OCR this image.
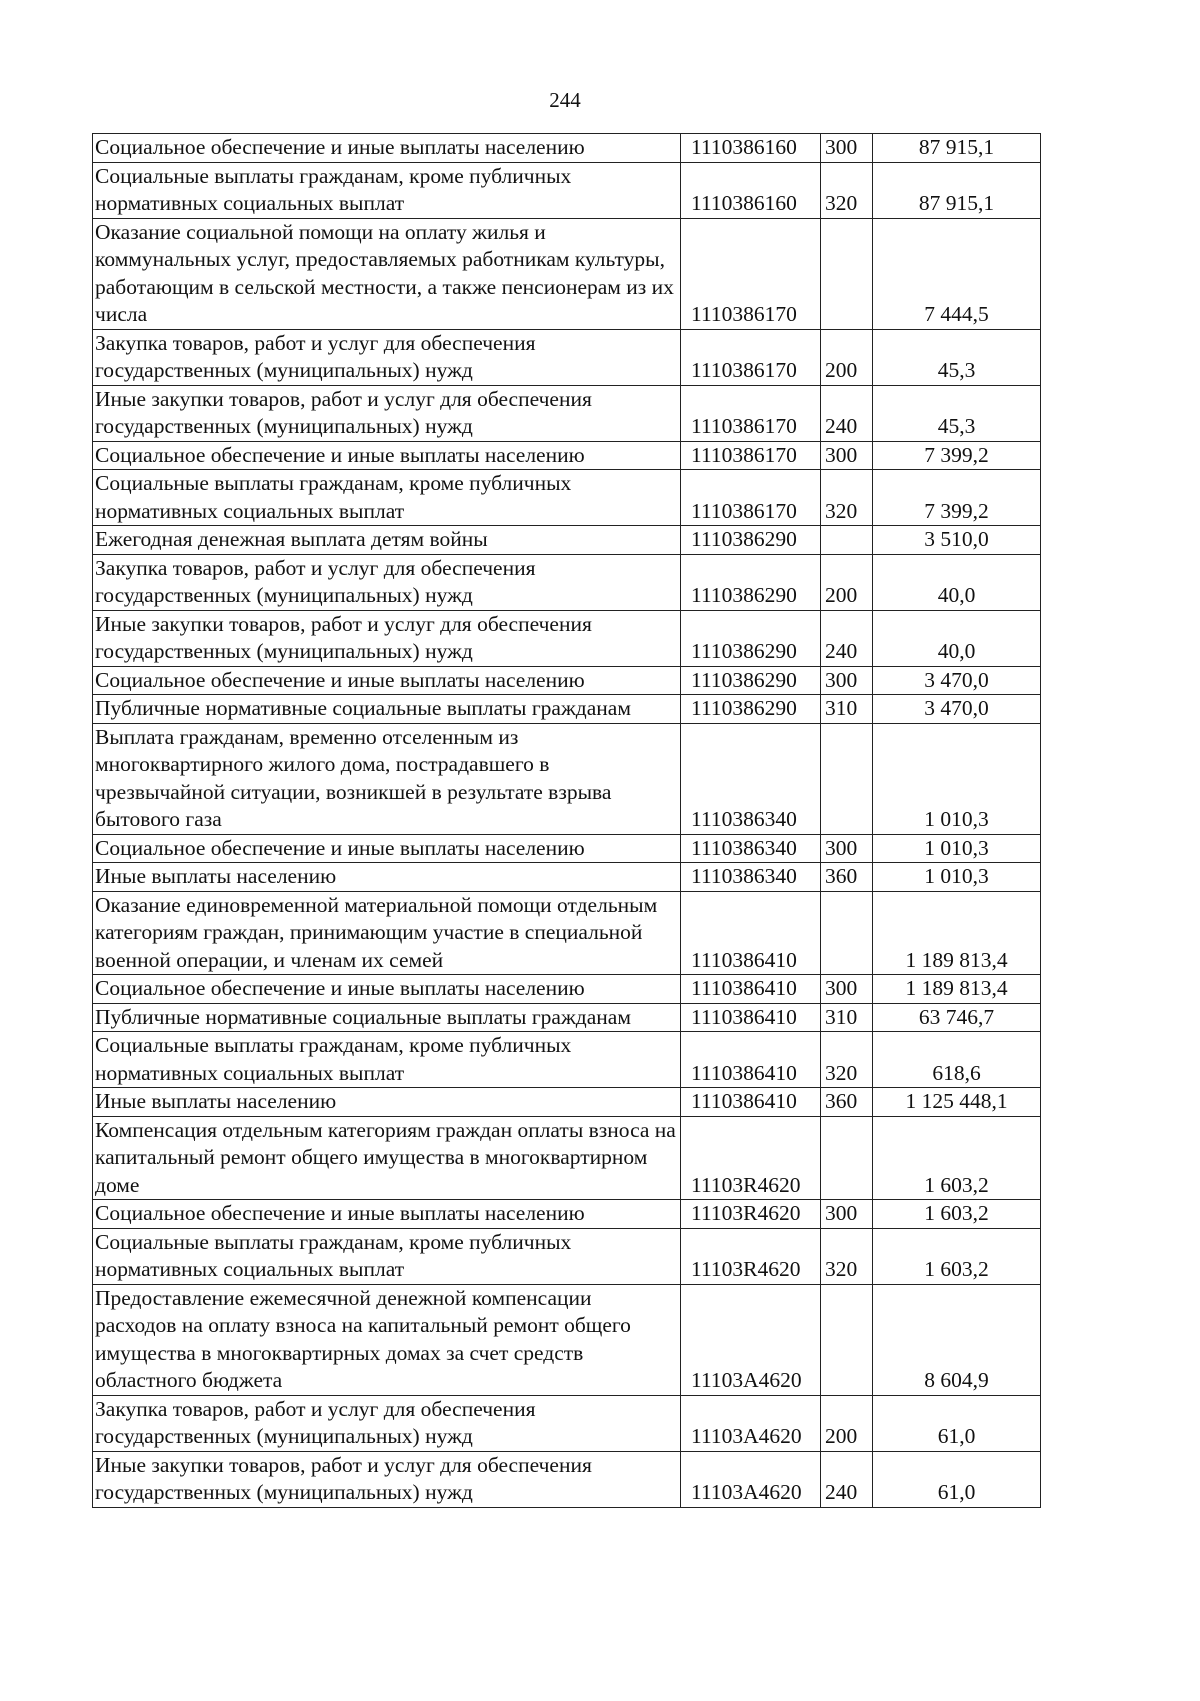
244
Социальное обеспечение и иные выплаты населению	1110386160	300	87 915,1
Социальные выплаты гражданам, кроме публичных нормативных социальных выплат	1110386160	320	87 915,1
Оказание социальной помощи на оплату жилья и коммунальных услуг, предоставляемых работникам культуры, работающим в сельской местности, а также пенсионерам из их числа	1110386170		7 444,5
Закупка товаров, работ и услуг для обеспечения государственных (муниципальных) нужд	1110386170	200	45,3
Иные закупки товаров, работ и услуг для обеспечения государственных (муниципальных) нужд	1110386170	240	45,3
Социальное обеспечение и иные выплаты населению	1110386170	300	7 399,2
Социальные выплаты гражданам, кроме публичных нормативных социальных выплат	1110386170	320	7 399,2
Ежегодная денежная выплата детям войны	1110386290		3 510,0
Закупка товаров, работ и услуг для обеспечения государственных (муниципальных) нужд	1110386290	200	40,0
Иные закупки товаров, работ и услуг для обеспечения государственных (муниципальных) нужд	1110386290	240	40,0
Социальное обеспечение и иные выплаты населению	1110386290	300	3 470,0
Публичные нормативные социальные выплаты гражданам	1110386290	310	3 470,0
Выплата гражданам, временно отселенным из многоквартирного жилого дома, пострадавшего в чрезвычайной ситуации, возникшей в результате взрыва бытового газа	1110386340		1 010,3
Социальное обеспечение и иные выплаты населению	1110386340	300	1 010,3
Иные выплаты населению	1110386340	360	1 010,3
Оказание единовременной материальной помощи отдельным категориям граждан, принимающим участие в специальной военной операции, и членам их семей	1110386410		1 189 813,4
Социальное обеспечение и иные выплаты населению	1110386410	300	1 189 813,4
Публичные нормативные социальные выплаты гражданам	1110386410	310	63 746,7
Социальные выплаты гражданам, кроме публичных нормативных социальных выплат	1110386410	320	618,6
Иные выплаты населению	1110386410	360	1 125 448,1
Компенсация отдельным категориям граждан оплаты взноса на капитальный ремонт общего имущества в многоквартирном доме	11103R4620		1 603,2
Социальное обеспечение и иные выплаты населению	11103R4620	300	1 603,2
Социальные выплаты гражданам, кроме публичных нормативных социальных выплат	11103R4620	320	1 603,2
Предоставление ежемесячной денежной компенсации расходов на оплату взноса на капитальный ремонт общего имущества в многоквартирных домах за счет средств областного бюджета	11103A4620		8 604,9
Закупка товаров, работ и услуг для обеспечения государственных (муниципальных) нужд	11103A4620	200	61,0
Иные закупки товаров, работ и услуг для обеспечения государственных (муниципальных) нужд	11103A4620	240	61,0
